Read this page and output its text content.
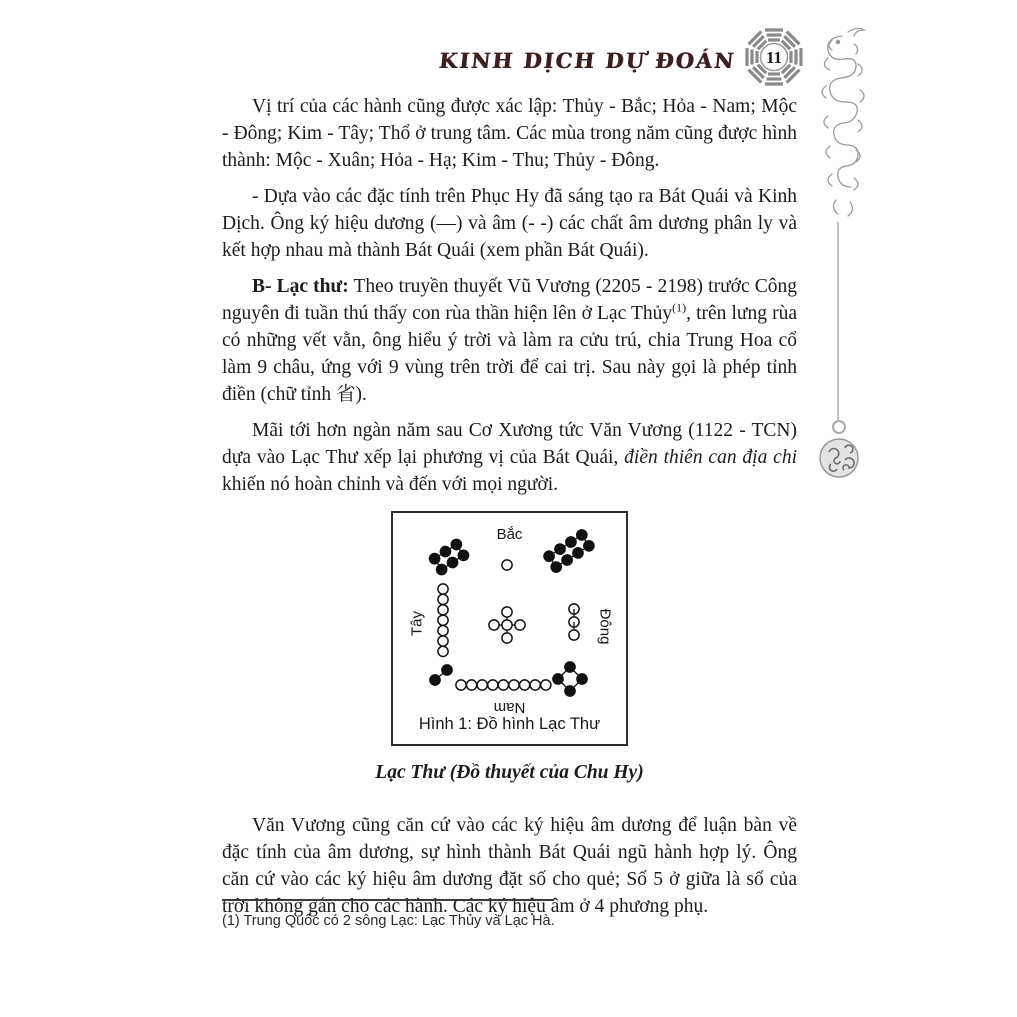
KINH DỊCH DỰ ĐOÁN 11

Vị trí của các hành cũng được xác lập: Thủy - Bắc; Hỏa - Nam; Mộc - Đông; Kim - Tây; Thổ ở trung tâm. Các mùa trong năm cũng được hình thành: Mộc - Xuân; Hỏa - Hạ; Kim - Thu; Thủy - Đông.

- Dựa vào các đặc tính trên Phục Hy đã sáng tạo ra Bát Quái và Kinh Dịch. Ông ký hiệu dương (—) và âm (- -) các chất âm dương phân ly và kết hợp nhau mà thành Bát Quái (xem phần Bát Quái).

B- Lạc thư: Theo truyền thuyết Vũ Vương (2205 - 2198) trước Công nguyên đi tuần thú thấy con rùa thần hiện lên ở Lạc Thủy$^{(1)}$, trên lưng rùa có những vết vằn, ông hiểu ý trời và làm ra cửu trú, chia Trung Hoa cổ làm 9 châu, ứng với 9 vùng trên trời để cai trị. Sau này gọi là phép tỉnh điền (chữ tỉnh 省).

Mãi tới hơn ngàn năm sau Cơ Xương tức Văn Vương (1122 - TCN) dựa vào Lạc Thư xếp lại phương vị của Bát Quái, điền thiên can địa chi khiến nó hoàn chỉnh và đến với mọi người.

Bắc
Tây	Đông
Nam
Hình 1: Đồ hình Lạc Thư
Lạc Thư (Đồ thuyết của Chu Hy)

Văn Vương cũng căn cứ vào các ký hiệu âm dương để luận bàn về đặc tính của âm dương, sự hình thành Bát Quái ngũ hành hợp lý. Ông căn cứ vào các ký hiệu âm dương đặt số cho quẻ; Số 5 ở giữa là số của trời không gắn cho các hành. Các ký hiệu âm ở 4 phương phụ.

(1) Trung Quốc có 2 sông Lạc: Lạc Thủy và Lạc Hà.
